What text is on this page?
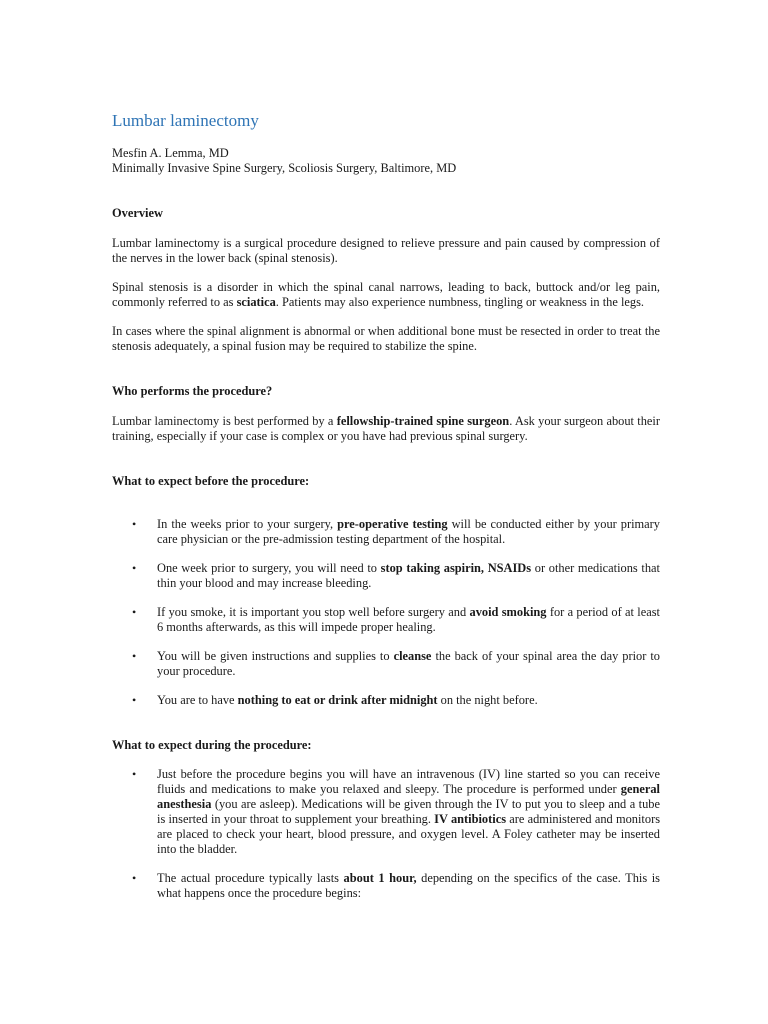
Lumbar laminectomy

Mesfin A. Lemma, MD

Minimally Invasive Spine Surgery, Scoliosis Surgery, Baltimore, MD

Overview

Lumbar laminectomy is a surgical procedure designed to relieve pressure and pain caused by compression of the nerves in the lower back (spinal stenosis).

Spinal stenosis is a disorder in which the spinal canal narrows, leading to back, buttock and/or leg pain, commonly referred to as sciatica. Patients may also experience numbness, tingling or weakness in the legs.

In cases where the spinal alignment is abnormal or when additional bone must be resected in order to treat the stenosis adequately, a spinal fusion may be required to stabilize the spine.

Who performs the procedure?

Lumbar laminectomy is best performed by a fellowship-trained spine surgeon. Ask your surgeon about their training, especially if your case is complex or you have had previous spinal surgery.

What to expect before the procedure:

• In the weeks prior to your surgery, pre-operative testing will be conducted either by your primary care physician or the pre-admission testing department of the hospital.
• One week prior to surgery, you will need to stop taking aspirin, NSAIDs or other medications that thin your blood and may increase bleeding.
• If you smoke, it is important you stop well before surgery and avoid smoking for a period of at least 6 months afterwards, as this will impede proper healing.
• You will be given instructions and supplies to cleanse the back of your spinal area the day prior to your procedure.
• You are to have nothing to eat or drink after midnight on the night before.

What to expect during the procedure:

• Just before the procedure begins you will have an intravenous (IV) line started so you can receive fluids and medications to make you relaxed and sleepy. The procedure is performed under general anesthesia (you are asleep). Medications will be given through the IV to put you to sleep and a tube is inserted in your throat to supplement your breathing. IV antibiotics are administered and monitors are placed to check your heart, blood pressure, and oxygen level. A Foley catheter may be inserted into the bladder.
• The actual procedure typically lasts about 1 hour, depending on the specifics of the case. This is what happens once the procedure begins:
